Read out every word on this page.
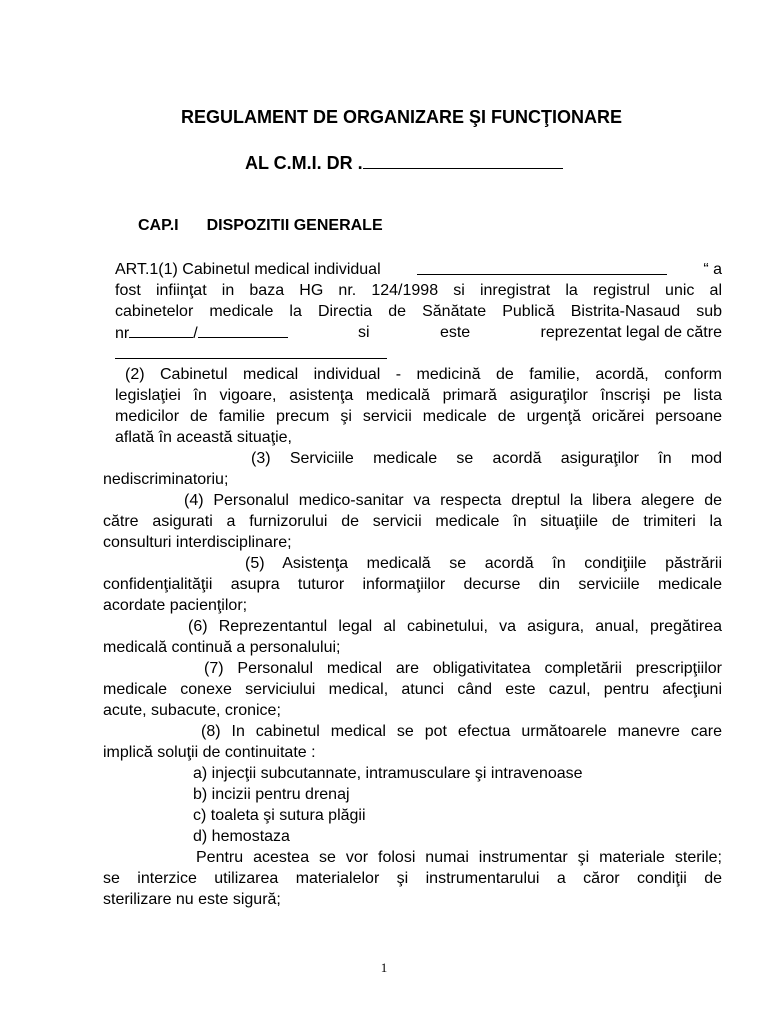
REGULAMENT DE ORGANIZARE ŞI FUNCŢIONARE
AL C.M.I. DR .
CAP.I DISPOZITII GENERALE
ART.1(1) Cabinetul medical individual	“ a
fost infiinţat in baza HG nr. 124/1998 si inregistrat la registrul unic al
cabinetelor medicale la Directia de Sănătate Publică Bistrita-Nasaud sub
nr	/	si	este	reprezentat legal de către
(2) Cabinetul medical individual - medicină de familie, acordă, conform
legislaţiei în vigoare, asistenţa medicală primară asiguraţilor înscrişi pe lista
medicilor de familie precum şi servicii medicale de urgenţă oricărei persoane
aflată în această situaţie,
(3) Serviciile medicale se acordă asiguraţilor în mod
nediscriminatoriu;
(4) Personalul medico-sanitar va respecta dreptul la libera alegere de
către asigurati a furnizorului de servicii medicale în situaţiile de trimiteri la
consulturi interdisciplinare;
(5) Asistenţa medicală se acordă în condiţiile păstrării
confidenţialităţii asupra tuturor informaţiilor decurse din serviciile medicale
acordate pacienţilor;
(6) Reprezentantul legal al cabinetului, va asigura, anual, pregătirea
medicală continuă a personalului;
(7) Personalul medical are obligativitatea completării prescripţiilor
medicale conexe serviciului medical, atunci când este cazul, pentru afecţiuni
acute, subacute, cronice;
(8) In cabinetul medical se pot efectua următoarele manevre care
implică soluţii de continuitate :
a) injecţii subcutannate, intramusculare şi intravenoase
b) incizii pentru drenaj
c) toaleta şi sutura plăgii
d) hemostaza
Pentru acestea se vor folosi numai instrumentar şi materiale sterile;
se interzice utilizarea materialelor şi instrumentarului a căror condiţii de
sterilizare nu este sigură;
1
